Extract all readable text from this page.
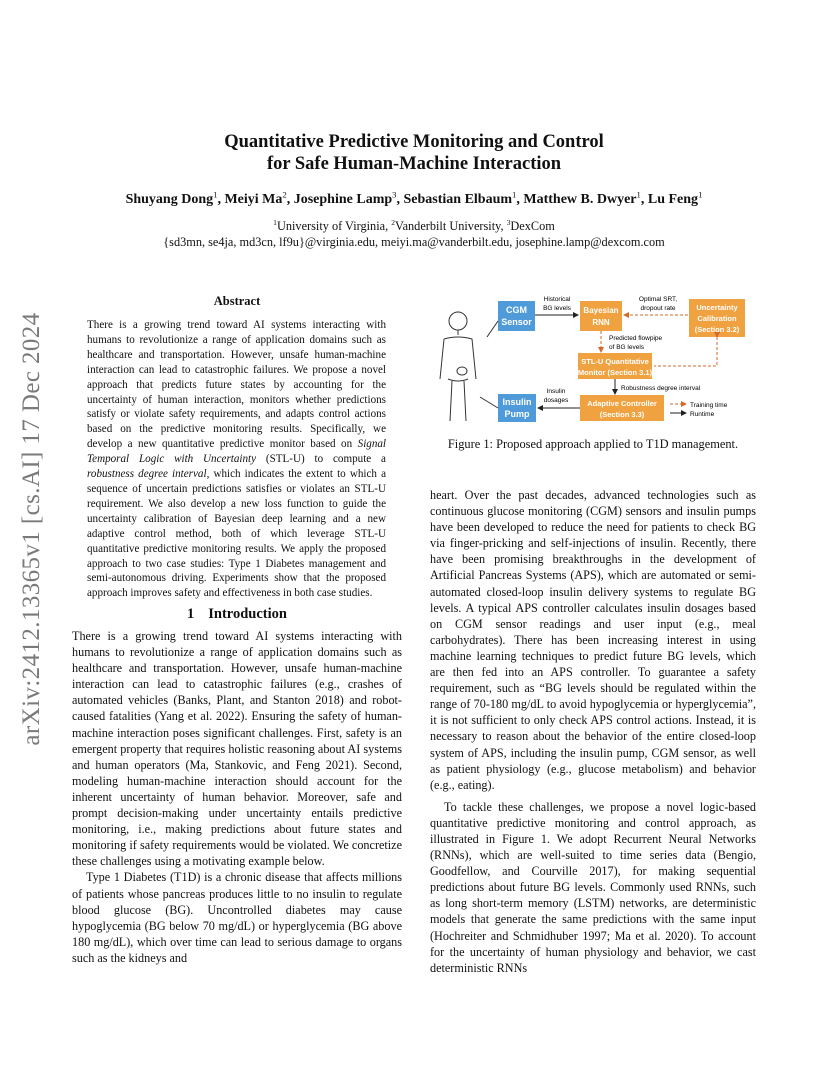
arXiv:2412.13365v1 [cs.AI] 17 Dec 2024
Quantitative Predictive Monitoring and Control
for Safe Human-Machine Interaction
Shuyang Dong$^1$, Meiyi Ma$^2$, Josephine Lamp$^3$, Sebastian Elbaum$^1$, Matthew B. Dwyer$^1$, Lu Feng$^1$
$^1$University of Virginia, $^2$Vanderbilt University, $^3$DexCom
{sd3mn, se4ja, md3cn, lf9u}@virginia.edu, meiyi.ma@vanderbilt.edu, josephine.lamp@dexcom.com
Abstract
There is a growing trend toward AI systems interacting with humans to revolutionize a range of application domains such as healthcare and transportation. However, unsafe human-machine interaction can lead to catastrophic failures. We propose a novel approach that predicts future states by accounting for the uncertainty of human interaction, monitors whether predictions satisfy or violate safety requirements, and adapts control actions based on the predictive monitoring results. Specifically, we develop a new quantitative predictive monitor based on Signal Temporal Logic with Uncertainty (STL-U) to compute a robustness degree interval, which indicates the extent to which a sequence of uncertain predictions satisfies or violates an STL-U requirement. We also develop a new loss function to guide the uncertainty calibration of Bayesian deep learning and a new adaptive control method, both of which leverage STL-U quantitative predictive monitoring results. We apply the proposed approach to two case studies: Type 1 Diabetes management and semi-autonomous driving. Experiments show that the proposed approach improves safety and effectiveness in both case studies.
1 Introduction

There is a growing trend toward AI systems interacting with humans to revolutionize a range of application domains such as healthcare and transportation. However, unsafe human-machine interaction can lead to catastrophic failures (e.g., crashes of automated vehicles (Banks, Plant, and Stanton 2018) and robot-caused fatalities (Yang et al. 2022). Ensuring the safety of human-machine interaction poses significant challenges. First, safety is an emergent property that requires holistic reasoning about AI systems and human operators (Ma, Stankovic, and Feng 2021). Second, modeling human-machine interaction should account for the inherent uncertainty of human behavior. Moreover, safe and prompt decision-making under uncertainty entails predictive monitoring, i.e., making predictions about future states and monitoring if safety requirements would be violated. We concretize these challenges using a motivating example below.

Type 1 Diabetes (T1D) is a chronic disease that affects millions of patients whose pancreas produces little to no insulin to regulate blood glucose (BG). Uncontrolled diabetes may cause hypoglycemia (BG below 70 mg/dL) or hyperglycemia (BG above 180 mg/dL), which over time can lead to serious damage to organs such as the kidneys and

CGM
Sensor
Historical
BG levels Bayesian
RNN
Optimal SRT,
dropout rate	Uncertainty
Calibration
(Section 3.2)
Predicted flowpipe
of BG levels
STL-U Quantitative
Monitor (Section 3.1)
Robustness degree interval
Adaptive Controller
(Section 3.3)
Insulin
dosages
Insulin
Pump
Training time
Runtime
Figure 1: Proposed approach applied to T1D management.

heart. Over the past decades, advanced technologies such as continuous glucose monitoring (CGM) sensors and insulin pumps have been developed to reduce the need for patients to check BG via finger-pricking and self-injections of insulin. Recently, there have been promising breakthroughs in the development of Artificial Pancreas Systems (APS), which are automated or semi-automated closed-loop insulin delivery systems to regulate BG levels. A typical APS controller calculates insulin dosages based on CGM sensor readings and user input (e.g., meal carbohydrates). There has been increasing interest in using machine learning techniques to predict future BG levels, which are then fed into an APS controller. To guarantee a safety requirement, such as “BG levels should be regulated within the range of 70-180 mg/dL to avoid hypoglycemia or hyperglycemia”, it is not sufficient to only check APS control actions. Instead, it is necessary to reason about the behavior of the entire closed-loop system of APS, including the insulin pump, CGM sensor, as well as patient physiology (e.g., glucose metabolism) and behavior (e.g., eating).

To tackle these challenges, we propose a novel logic-based quantitative predictive monitoring and control approach, as illustrated in Figure 1. We adopt Recurrent Neural Networks (RNNs), which are well-suited to time series data (Bengio, Goodfellow, and Courville 2017), for making sequential predictions about future BG levels. Commonly used RNNs, such as long short-term memory (LSTM) networks, are deterministic models that generate the same predictions with the same input (Hochreiter and Schmidhuber 1997; Ma et al. 2020). To account for the uncertainty of human physiology and behavior, we cast deterministic RNNs
